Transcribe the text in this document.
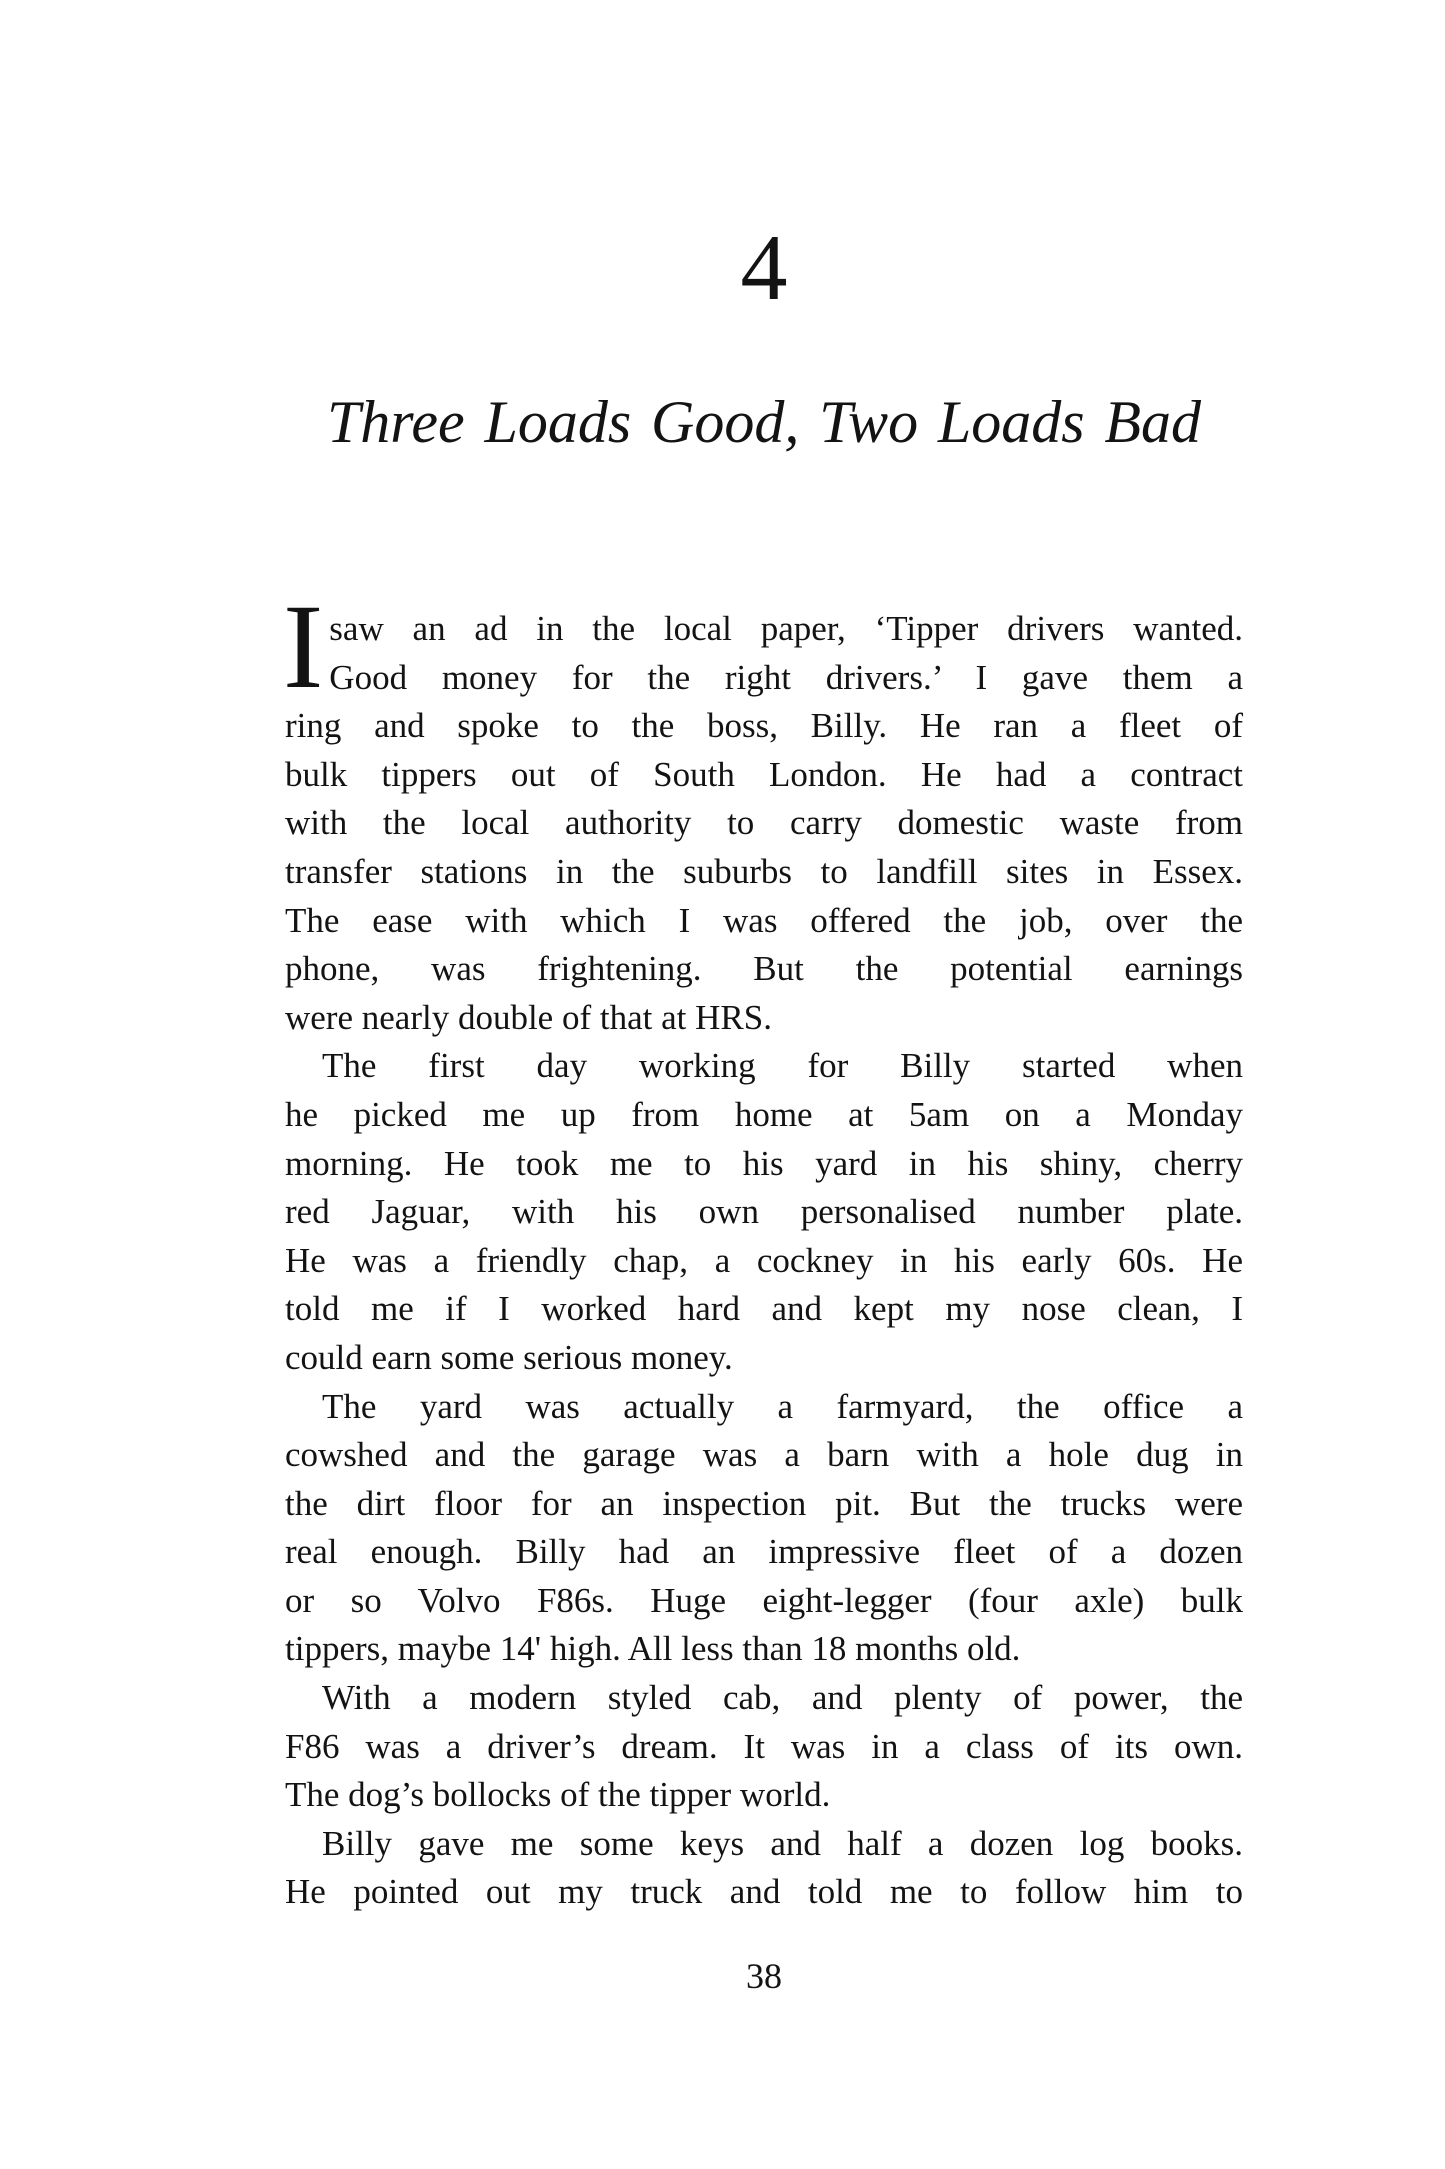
4
Three Loads Good, Two Loads Bad
I saw an ad in the local paper, ‘Tipper drivers wanted.
Good money for the right drivers.’ I gave them a
ring and spoke to the boss, Billy. He ran a fleet of
bulk tippers out of South London. He had a contract
with the local authority to carry domestic waste from
transfer stations in the suburbs to landfill sites in Essex.
The ease with which I was offered the job, over the
phone, was frightening. But the potential earnings
were nearly double of that at HRS.
The first day working for Billy started when
he picked me up from home at 5am on a Monday
morning. He took me to his yard in his shiny, cherry
red Jaguar, with his own personalised number plate.
He was a friendly chap, a cockney in his early 60s. He
told me if I worked hard and kept my nose clean, I
could earn some serious money.
The yard was actually a farmyard, the office a
cowshed and the garage was a barn with a hole dug in
the dirt floor for an inspection pit. But the trucks were
real enough. Billy had an impressive fleet of a dozen
or so Volvo F86s. Huge eight-legger (four axle) bulk
tippers, maybe 14' high. All less than 18 months old.
With a modern styled cab, and plenty of power, the
F86 was a driver’s dream. It was in a class of its own.
The dog’s bollocks of the tipper world.
Billy gave me some keys and half a dozen log books.
He pointed out my truck and told me to follow him to
38
